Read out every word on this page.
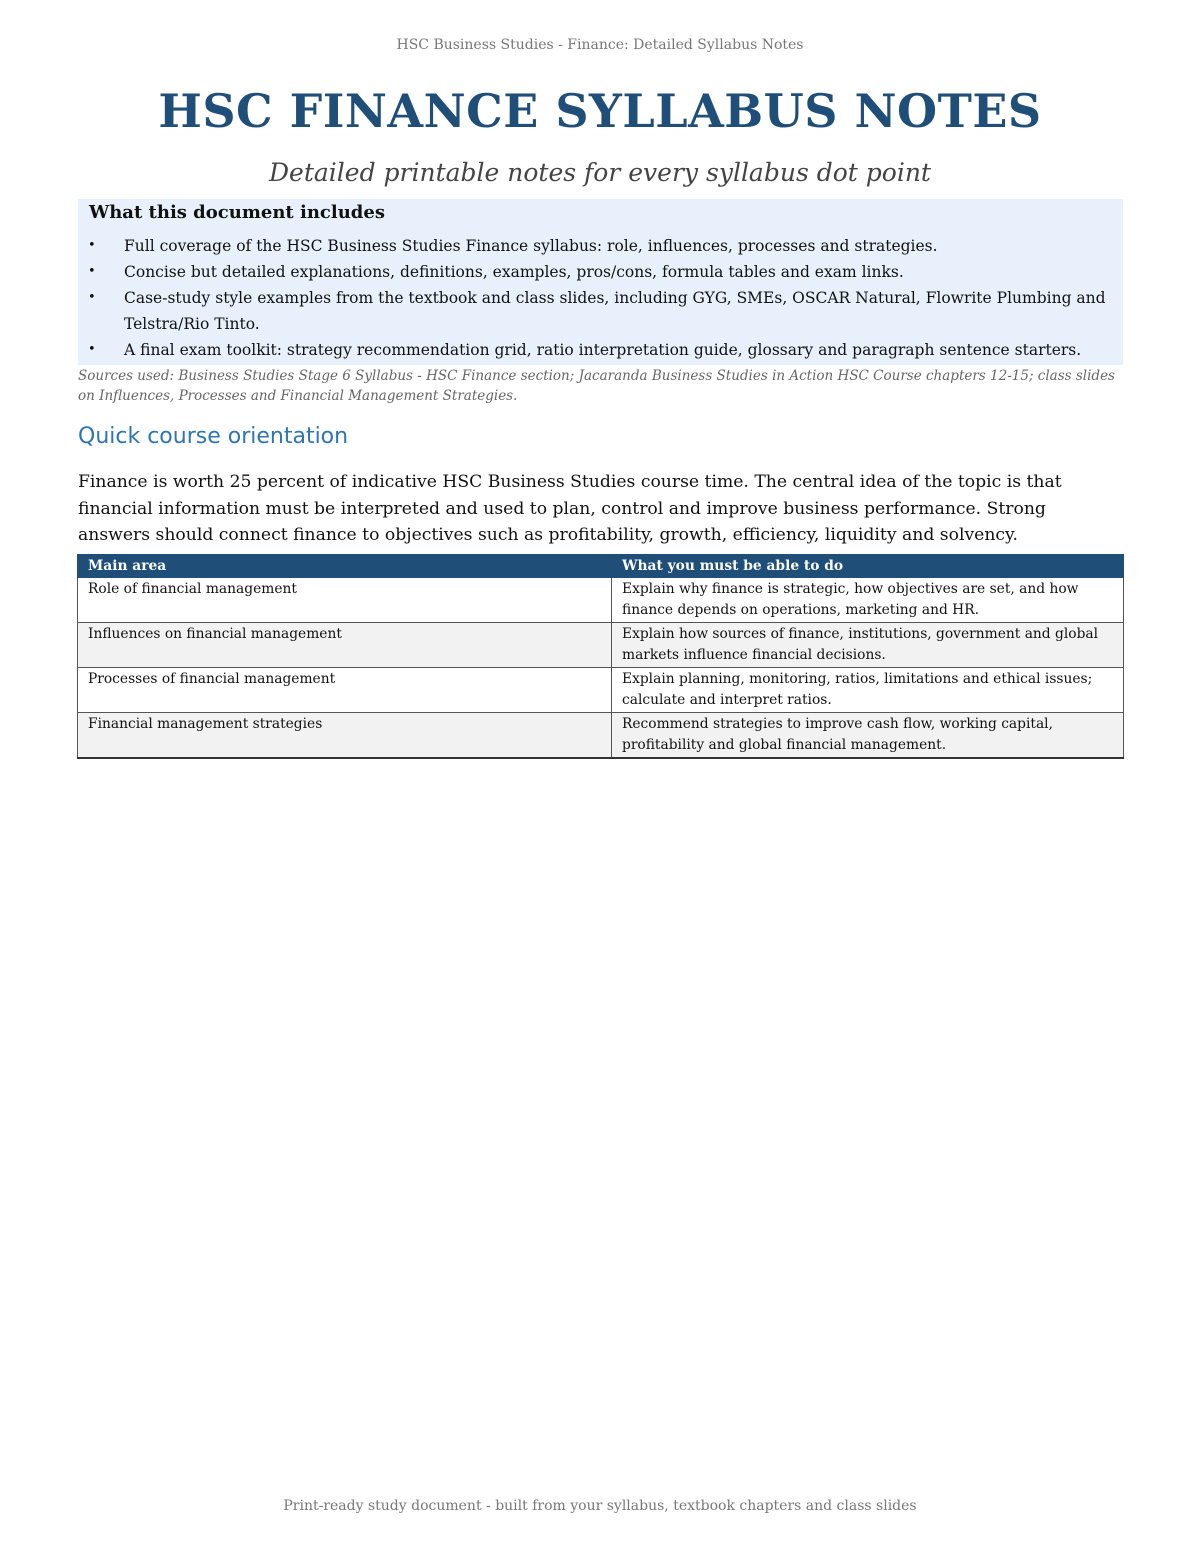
HSC Business Studies - Finance: Detailed Syllabus Notes
HSC FINANCE SYLLABUS NOTES
Detailed printable notes for every syllabus dot point
What this document includes
• Full coverage of the HSC Business Studies Finance syllabus: role, influences, processes and strategies.
• Concise but detailed explanations, definitions, examples, pros/cons, formula tables and exam links.
• Case-study style examples from the textbook and class slides, including GYG, SMEs, OSCAR Natural, Flowrite Plumbing and Telstra/Rio Tinto.
• A final exam toolkit: strategy recommendation grid, ratio interpretation guide, glossary and paragraph sentence starters.
Sources used: Business Studies Stage 6 Syllabus - HSC Finance section; Jacaranda Business Studies in Action HSC Course chapters 12-15; class slides on Influences, Processes and Financial Management Strategies.
Quick course orientation

Finance is worth 25 percent of indicative HSC Business Studies course time. The central idea of the topic is that financial information must be interpreted and used to plan, control and improve business performance. Strong answers should connect finance to objectives such as profitability, growth, efficiency, liquidity and solvency.

Main area	What you must be able to do
Role of financial management	Explain why finance is strategic, how objectives are set, and how finance depends on operations, marketing and HR.
Influences on financial management	Explain how sources of finance, institutions, government and global markets influence financial decisions.
Processes of financial management	Explain planning, monitoring, ratios, limitations and ethical issues; calculate and interpret ratios.
Financial management strategies	Recommend strategies to improve cash flow, working capital, profitability and global financial management.
Print-ready study document - built from your syllabus, textbook chapters and class slides
